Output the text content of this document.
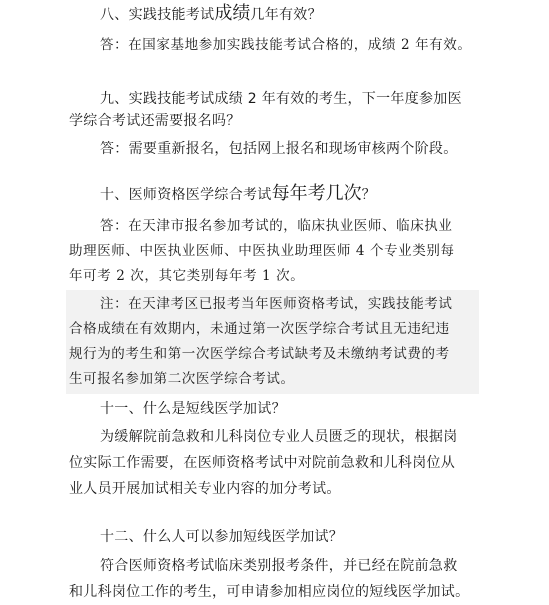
八、实践技能考试成绩几年有效？
答：在国家基地参加实践技能考试合格的，成绩 2 年有效。
九、实践技能考试成绩 2 年有效的考生，下一年度参加医
学综合考试还需要报名吗？
答：需要重新报名，包括网上报名和现场审核两个阶段。
十、医师资格医学综合考试每年考几次？
答：在天津市报名参加考试的，临床执业医师、临床执业
助理医师、中医执业医师、中医执业助理医师 4 个专业类别每
年可考 2 次，其它类别每年考 1 次。
注：在天津考区已报考当年医师资格考试，实践技能考试
合格成绩在有效期内，未通过第一次医学综合考试且无违纪违
规行为的考生和第一次医学综合考试缺考及未缴纳考试费的考
生可报名参加第二次医学综合考试。
十一、什么是短线医学加试？
为缓解院前急救和儿科岗位专业人员匮乏的现状，根据岗
位实际工作需要，在医师资格考试中对院前急救和儿科岗位从
业人员开展加试相关专业内容的加分考试。
十二、什么人可以参加短线医学加试？
符合医师资格考试临床类别报考条件，并已经在院前急救
和儿科岗位工作的考生，可申请参加相应岗位的短线医学加试。
